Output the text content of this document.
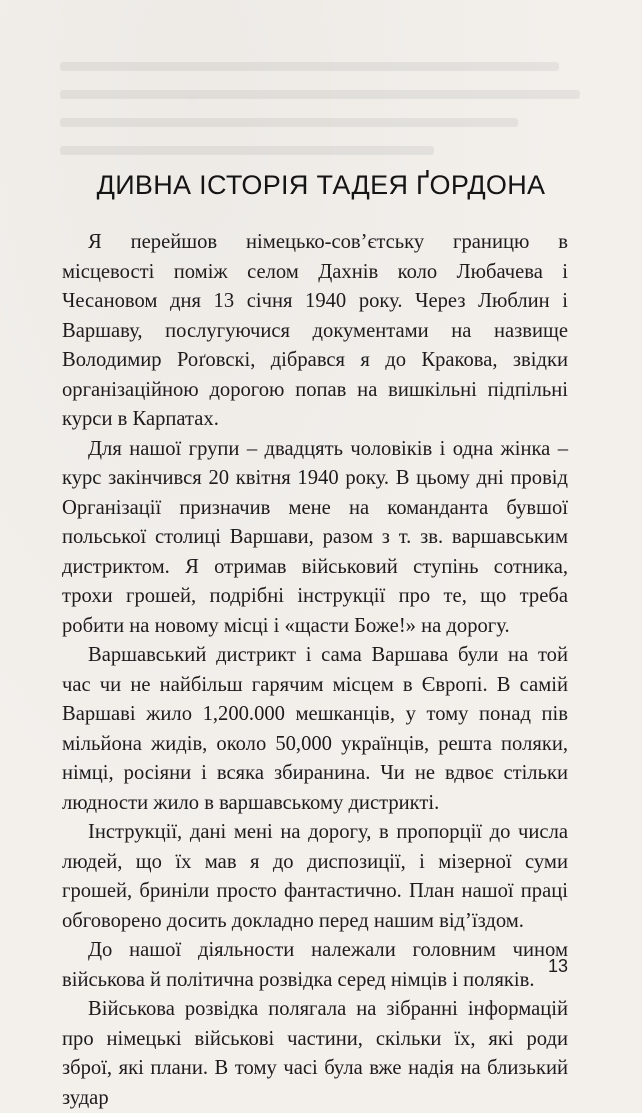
ДИВНА ІСТОРІЯ ТАДЕЯ ҐОРДОНА

Я перейшов німецько-совʼєтську границю в місцевості поміж селом Дахнів коло Любачева і Чесановом дня 13 січня 1940 року. Через Люблин і Варшаву, послугуючися документами на назвище Володимир Роґовскі, дібрався я до Кракова, звідки організаційною дорогою попав на вишкільні підпільні курси в Карпатах.

Для нашої групи – двадцять чоловіків і одна жінка – курс закінчився 20 квітня 1940 року. В цьому дні провід Організації призначив мене на команданта бувшої польської столиці Варшави, разом з т. зв. варшавським дистриктом. Я отримав військовий ступінь сотника, трохи грошей, подрібні інструкції про те, що треба робити на новому місці і «щасти Боже!» на дорогу.

Варшавський дистрикт і сама Варшава були на той час чи не найбільш гарячим місцем в Європі. В самій Варшаві жило 1,200.000 мешканців, у тому понад пів мільйона жидів, около 50,000 українців, решта поляки, німці, росіяни і всяка збиранина. Чи не вдвоє стільки людности жило в варшавському дистрикті.

Інструкції, дані мені на дорогу, в пропорції до числа людей, що їх мав я до диспозиції, і мізерної суми грошей, бриніли просто фантастично. План нашої праці обговорено досить докладно перед нашим відʼїздом.

До нашої діяльности належали головним чином військова й політична розвідка серед німців і поляків.

Військова розвідка полягала на зібранні інформацій про німецькі військові частини, скільки їх, які роди зброї, які плани. В тому часі була вже надія на близький зудар

13
